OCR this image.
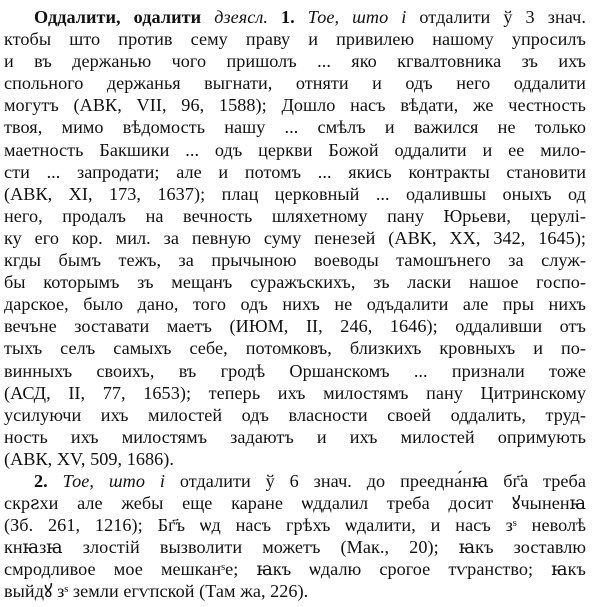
Оддалити, одалити дзеясл. 1. Тое, што і отдалити ў 3 знач.
ктобы што против сему праву и привилею нашому упросилъ
и въ держанью чого пришолъ ... яко кгвалтовника зъ ихъ
спольного держанья выгнати, отняти и одъ него оддалити
могутъ (АВК, VII, 96, 1588); Дошло насъ вѣдати, же честность
твоя, мимо вѣдомость нашу ... смѣлъ и важился не только
маетность Бакшики ... одъ церкви Божой оддалити и ее мило-
сти ... запродати; але и потомъ ... якись контракты становити
(АВК, XI, 173, 1637); плац церковный ... одалившы оныхъ од
него, продалъ на вечность шляхетному пану Юрьеви, церулі-
ку его кор. мил. за певную суму пенезей (АВК, XX, 342, 1645);
кгды бымъ тежъ, за прычыною воеводы тамошънего за служ-
бы которымъ зъ мещанъ суражъскихъ, зъ ласки нашое госпо-
дарское, было дано, того одъ нихъ не одъдалити але пры нихъ
вечъне зоставати маетъ (ИЮМ, II, 246, 1646); оддаливши отъ
тыхъ селъ самыхъ себе, потомковъ, близкихъ кровныхъ и по-
винныхъ своихъ, въ гродѣ Оршанскомъ ... признали тоже
(АСД, II, 77, 1653); теперь ихъ милостямъ пану Цитринскому
усилуючи ихъ милостей одъ власности своей оддалить, труд-
ность ихъ милостямъ задаютъ и ихъ милостей опримують
(АВК, XV, 509, 1686).
2. Тое, што і отдалити ў 6 знач. до преедна́нꙗ бг҃а треба
скрꙅхи але жебы еще каране ѡддалил треба досит ꙋчыненꙗ
(Зб. 261, 1216); Бг҃ъ ѡд насъ грѣхъ ѡдалити, и насъ зˢ неволѣ
кнꙗзꙗ злостій вызволити можетъ (Мак., 20); ꙗкъ зоставлю
смродливое мое мешканˢе; ꙗкъ ѡдалю срогое тѵранство; ꙗкъ
выйдꙋ зˢ земли егѵпской (Там жа, 226).
